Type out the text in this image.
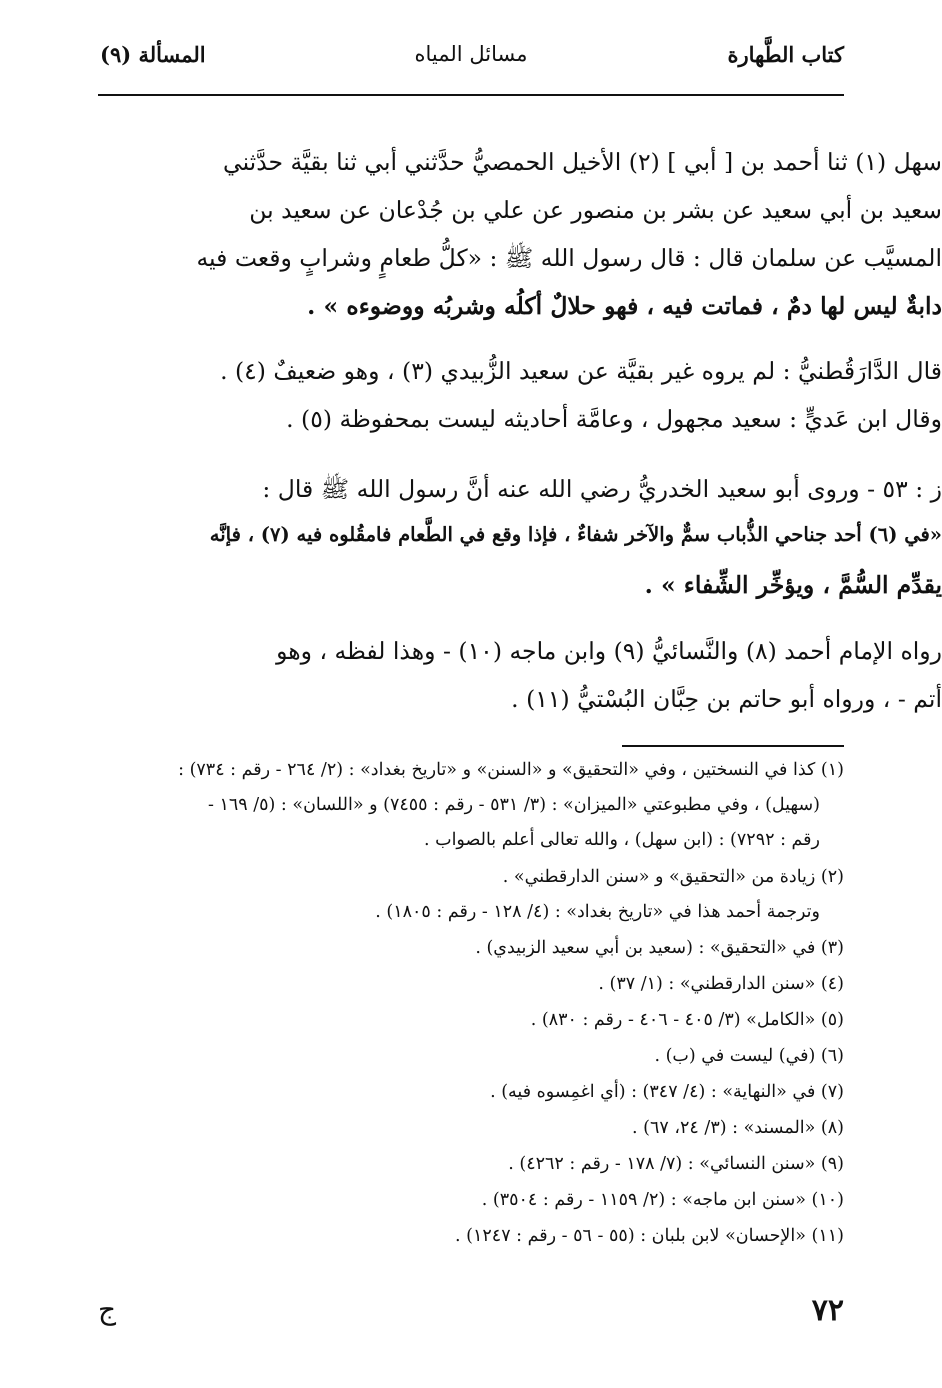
كتاب الطَّهارة
مسائل المياه
المسألة (٩)
سهل (١) ثنا أحمد بن [ أبي ] (٢) الأخيل الحمصيُّ حدَّثني أبي ثنا بقيَّة حدَّثني
سعيد بن أبي سعيد عن بشر بن منصور عن علي بن جُدْعان عن سعيد بن
المسيَّب عن سلمان قال : قال رسول الله ﷺ : «كلُّ طعامٍ وشرابٍ وقعت فيه
دابةٌ ليس لها دمٌ ، فماتت فيه ، فهو حلالٌ أكلُه وشربُه ووضوءه » .
قال الدَّارَقُطنيُّ : لم يروه غير بقيَّة عن سعيد الزُّبيدي (٣) ، وهو ضعيفٌ (٤) .
وقال ابن عَديٍّ : سعيد مجهول ، وعامَّة أحاديثه ليست بمحفوظة (٥) .
ز : ٥٣ - وروى أبو سعيد الخدريُّ رضي الله عنه أنَّ رسول الله ﷺ قال :
«في (٦) أحد جناحي الذُّباب سمٌّ والآخر شفاءٌ ، فإذا وقع في الطَّعام فامقُلوه فيه (٧) ، فإنَّه
يقدِّم السُّمَّ ، ويؤخِّر الشِّفاء » .
رواه الإمام أحمد (٨) والنَّسائيُّ (٩) وابن ماجه (١٠) - وهذا لفظه ، وهو
أتم - ، ورواه أبو حاتم بن حِبَّان البُسْتيُّ (١١) .
(١) كذا في النسختين ، وفي «التحقيق» و «السنن» و «تاريخ بغداد» : (٢/ ٢٦٤ - رقم : ٧٣٤) :
(سهيل) ، وفي مطبوعتي «الميزان» : (٣/ ٥٣١ - رقم : ٧٤٥٥) و «اللسان» : (٥/ ١٦٩ -
رقم : ٧٢٩٢) : (ابن سهل) ، والله تعالى أعلم بالصواب .
(٢) زيادة من «التحقيق» و «سنن الدارقطني» .
وترجمة أحمد هذا في «تاريخ بغداد» : (٤/ ١٢٨ - رقم : ١٨٠٥) .
(٣) في «التحقيق» : (سعيد بن أبي سعيد الزبيدي) .
(٤) «سنن الدارقطني» : (١/ ٣٧) .
(٥) «الكامل» (٣/ ٤٠٥ - ٤٠٦ - رقم : ٨٣٠) .
(٦) (في) ليست في (ب) .
(٧) في «النهاية» : (٤/ ٣٤٧) : (أي اغمِسوه فيه) .
(٨) «المسند» : (٣/ ٢٤، ٦٧) .
(٩) «سنن النسائي» : (٧/ ١٧٨ - رقم : ٤٢٦٢) .
(١٠) «سنن ابن ماجه» : (٢/ ١١٥٩ - رقم : ٣٥٠٤) .
(١١) «الإحسان» لابن بلبان : (٥٥ - ٥٦ - رقم : ١٢٤٧) .
٧٢
ج
